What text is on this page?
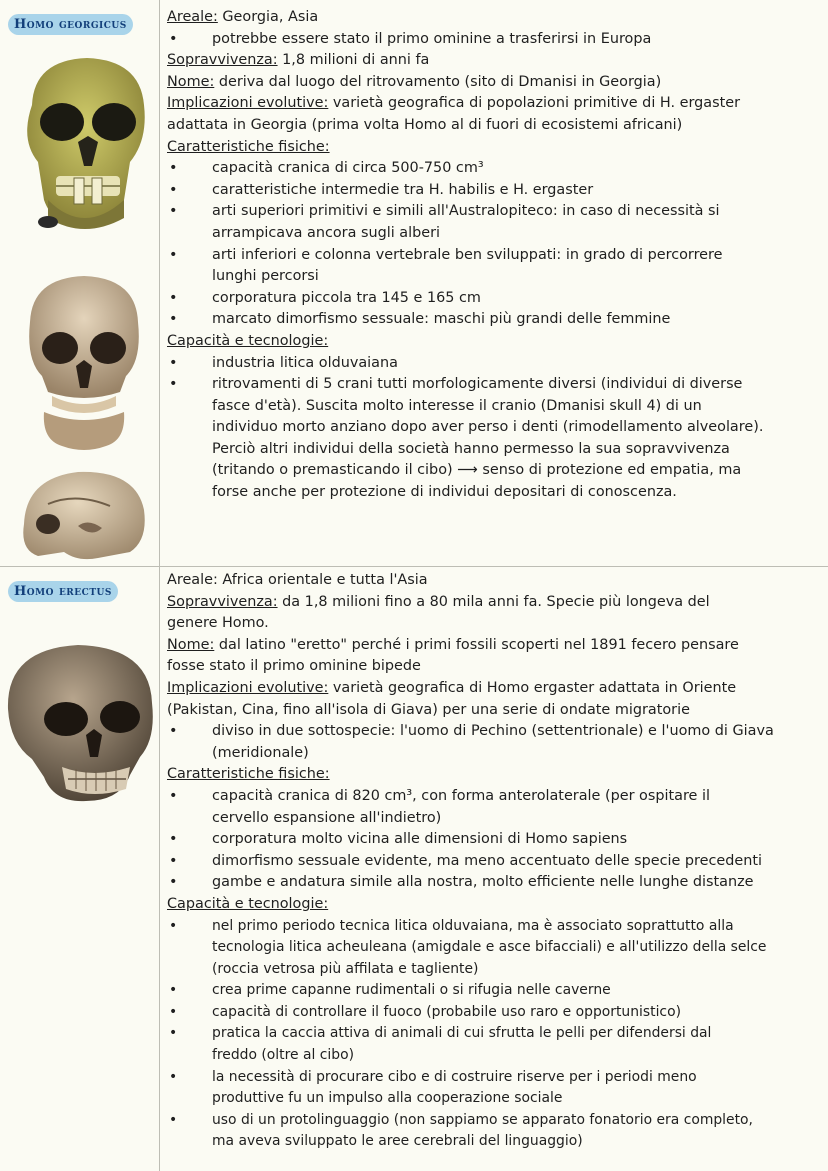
Homo georgicus	Areale: Georgia, Asia
• potrebbe essere stato il primo ominine a trasferirsi in Europa
Sopravvivenza: 1,8 milioni di anni fa
Nome: deriva dal luogo del ritrovamento (sito di Dmanisi in Georgia)
Implicazioni evolutive: varietà geografica di popolazioni primitive di H. ergaster
adattata in Georgia (prima volta Homo al di fuori di ecosistemi africani)
Caratteristiche fisiche:
• capacità cranica di circa 500-750 cm³
• caratteristiche intermedie tra H. habilis e H. ergaster
• arti superiori primitivi e simili all'Australopiteco: in caso di necessità si
arrampicava ancora sugli alberi
• arti inferiori e colonna vertebrale ben sviluppati: in grado di percorrere
lunghi percorsi
• corporatura piccola tra 145 e 165 cm
• marcato dimorfismo sessuale: maschi più grandi delle femmine
Capacità e tecnologie:
• industria litica olduvaiana
• ritrovamenti di 5 crani tutti morfologicamente diversi (individui di diverse
fasce d'età). Suscita molto interesse il cranio (Dmanisi skull 4) di un
individuo morto anziano dopo aver perso i denti (rimodellamento alveolare).
Perciò altri individui della società hanno permesso la sua sopravvivenza
(tritando o premasticando il cibo) ⟶ senso di protezione ed empatia, ma
forse anche per protezione di individui depositari di conoscenza.
Homo erectus
Areale: Africa orientale e tutta l'Asia
Sopravvivenza: da 1,8 milioni fino a 80 mila anni fa. Specie più longeva del
genere Homo.
Nome: dal latino "eretto" perché i primi fossili scoperti nel 1891 fecero pensare
fosse stato il primo ominine bipede
Implicazioni evolutive: varietà geografica di Homo ergaster adattata in Oriente
(Pakistan, Cina, fino all'isola di Giava) per una serie di ondate migratorie
• diviso in due sottospecie: l'uomo di Pechino (settentrionale) e l'uomo di Giava
(meridionale)
Caratteristiche fisiche:
• capacità cranica di 820 cm³, con forma anterolaterale (per ospitare il
cervello espansione all'indietro)
• corporatura molto vicina alle dimensioni di Homo sapiens
• dimorfismo sessuale evidente, ma meno accentuato delle specie precedenti
• gambe e andatura simile alla nostra, molto efficiente nelle lunghe distanze
Capacità e tecnologie:
• nel primo periodo tecnica litica olduvaiana, ma è associato soprattutto alla
tecnologia litica acheuleana (amigdale e asce bifacciali) e all'utilizzo della selce
(roccia vetrosa più affilata e tagliente)
• crea prime capanne rudimentali o si rifugia nelle caverne
• capacità di controllare il fuoco (probabile uso raro e opportunistico)
• pratica la caccia attiva di animali di cui sfrutta le pelli per difendersi dal
freddo (oltre al cibo)
• la necessità di procurare cibo e di costruire riserve per i periodi meno
produttive fu un impulso alla cooperazione sociale
• uso di un protolinguaggio (non sappiamo se apparato fonatorio era completo,
ma aveva sviluppato le aree cerebrali del linguaggio)
